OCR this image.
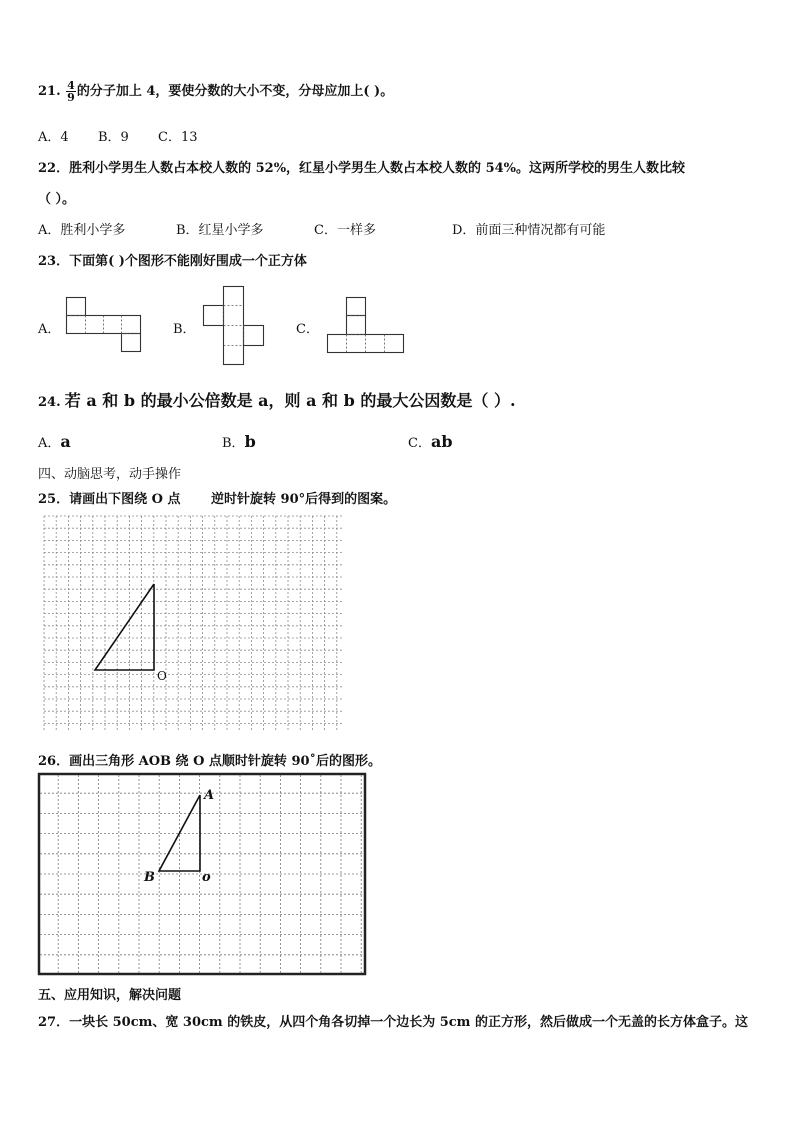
21. $\frac{4}{9}$ 的分子加上 4，要使分数的大小不变，分母应加上( )。
A．4 B．9 C．13
22．胜利小学男生人数占本校人数的 52%，红星小学男生人数占本校人数的 54%。这两所学校的男生人数比较
（ ）。
A．胜利小学多	B．红星小学多	C．一样多	D．前面三种情况都有可能
23．下面第( )个图形不能刚好围成一个正方体
A．	B．	C．
24. 若 a 和 b 的最小公倍数是 a，则 a 和 b 的最大公因数是（ ）.
A．a	B．b	C．ab
四、动脑思考，动手操作
25．请画出下图绕 O 点 逆时针旋转 90°后得到的图案。
O
26．画出三角形 AOB 绕 O 点顺时针旋转 90˚后的图形。
A
B	o
五、应用知识，解决问题
27．一块长 50cm、宽 30cm 的铁皮，从四个角各切掉一个边长为 5cm 的正方形，然后做成一个无盖的长方体盒子。这
